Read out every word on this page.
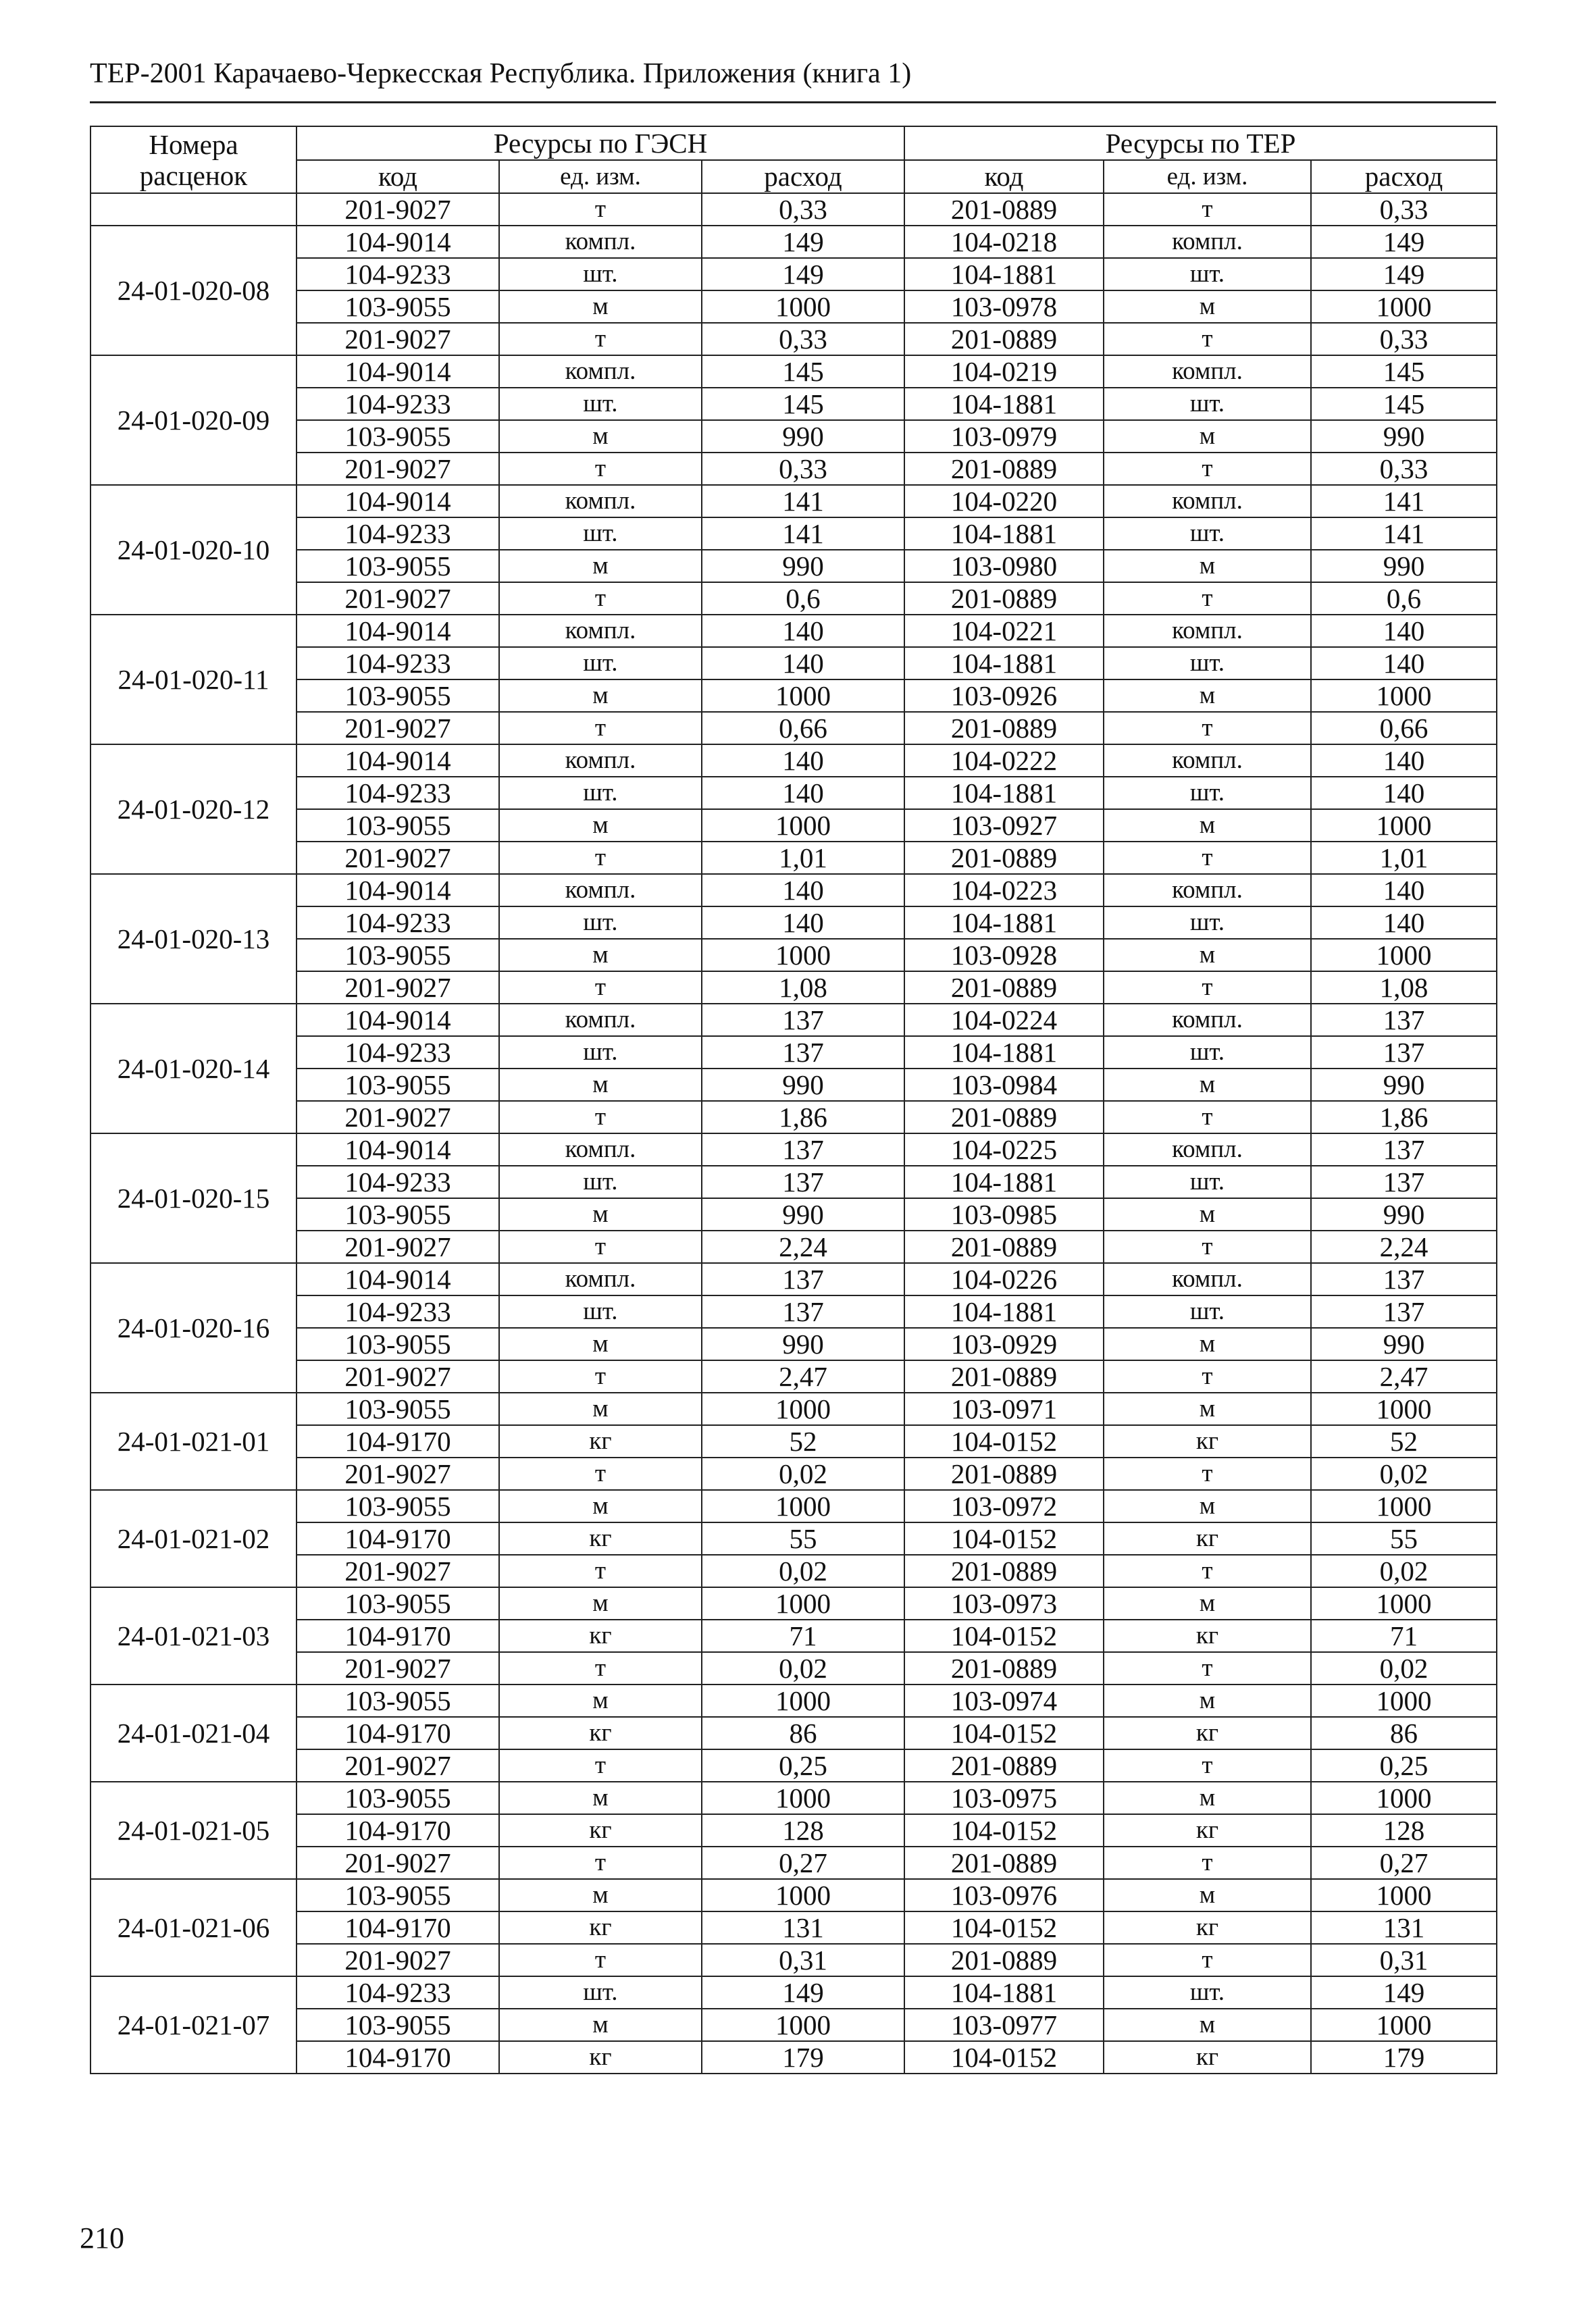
ТЕР-2001 Карачаево-Черкесская Республика. Приложения (книга 1)
Номера расценок	Ресурсы по ГЭСН			Ресурсы по ТЕР		
	код	ед. изм.	расход	код	ед. изм.	расход
	201-9027	т	0,33	201-0889	т	0,33
24-01-020-08	104-9014	компл.	149	104-0218	компл.	149
	104-9233	шт.	149	104-1881	шт.	149
	103-9055	м	1000	103-0978	м	1000
	201-9027	т	0,33	201-0889	т	0,33
24-01-020-09	104-9014	компл.	145	104-0219	компл.	145
	104-9233	шт.	145	104-1881	шт.	145
	103-9055	м	990	103-0979	м	990
	201-9027	т	0,33	201-0889	т	0,33
24-01-020-10	104-9014	компл.	141	104-0220	компл.	141
	104-9233	шт.	141	104-1881	шт.	141
	103-9055	м	990	103-0980	м	990
	201-9027	т	0,6	201-0889	т	0,6
24-01-020-11	104-9014	компл.	140	104-0221	компл.	140
	104-9233	шт.	140	104-1881	шт.	140
	103-9055	м	1000	103-0926	м	1000
	201-9027	т	0,66	201-0889	т	0,66
24-01-020-12	104-9014	компл.	140	104-0222	компл.	140
	104-9233	шт.	140	104-1881	шт.	140
	103-9055	м	1000	103-0927	м	1000
	201-9027	т	1,01	201-0889	т	1,01
24-01-020-13	104-9014	компл.	140	104-0223	компл.	140
	104-9233	шт.	140	104-1881	шт.	140
	103-9055	м	1000	103-0928	м	1000
	201-9027	т	1,08	201-0889	т	1,08
24-01-020-14	104-9014	компл.	137	104-0224	компл.	137
	104-9233	шт.	137	104-1881	шт.	137
	103-9055	м	990	103-0984	м	990
	201-9027	т	1,86	201-0889	т	1,86
24-01-020-15	104-9014	компл.	137	104-0225	компл.	137
	104-9233	шт.	137	104-1881	шт.	137
	103-9055	м	990	103-0985	м	990
	201-9027	т	2,24	201-0889	т	2,24
24-01-020-16	104-9014	компл.	137	104-0226	компл.	137
	104-9233	шт.	137	104-1881	шт.	137
	103-9055	м	990	103-0929	м	990
	201-9027	т	2,47	201-0889	т	2,47
24-01-021-01	103-9055	м	1000	103-0971	м	1000
	104-9170	кг	52	104-0152	кг	52
	201-9027	т	0,02	201-0889	т	0,02
24-01-021-02	103-9055	м	1000	103-0972	м	1000
	104-9170	кг	55	104-0152	кг	55
	201-9027	т	0,02	201-0889	т	0,02
24-01-021-03	103-9055	м	1000	103-0973	м	1000
	104-9170	кг	71	104-0152	кг	71
	201-9027	т	0,02	201-0889	т	0,02
24-01-021-04	103-9055	м	1000	103-0974	м	1000
	104-9170	кг	86	104-0152	кг	86
	201-9027	т	0,25	201-0889	т	0,25
24-01-021-05	103-9055	м	1000	103-0975	м	1000
	104-9170	кг	128	104-0152	кг	128
	201-9027	т	0,27	201-0889	т	0,27
24-01-021-06	103-9055	м	1000	103-0976	м	1000
	104-9170	кг	131	104-0152	кг	131
	201-9027	т	0,31	201-0889	т	0,31
24-01-021-07	104-9233	шт.	149	104-1881	шт.	149
	103-9055	м	1000	103-0977	м	1000
	104-9170	кг	179	104-0152	кг	179
210
